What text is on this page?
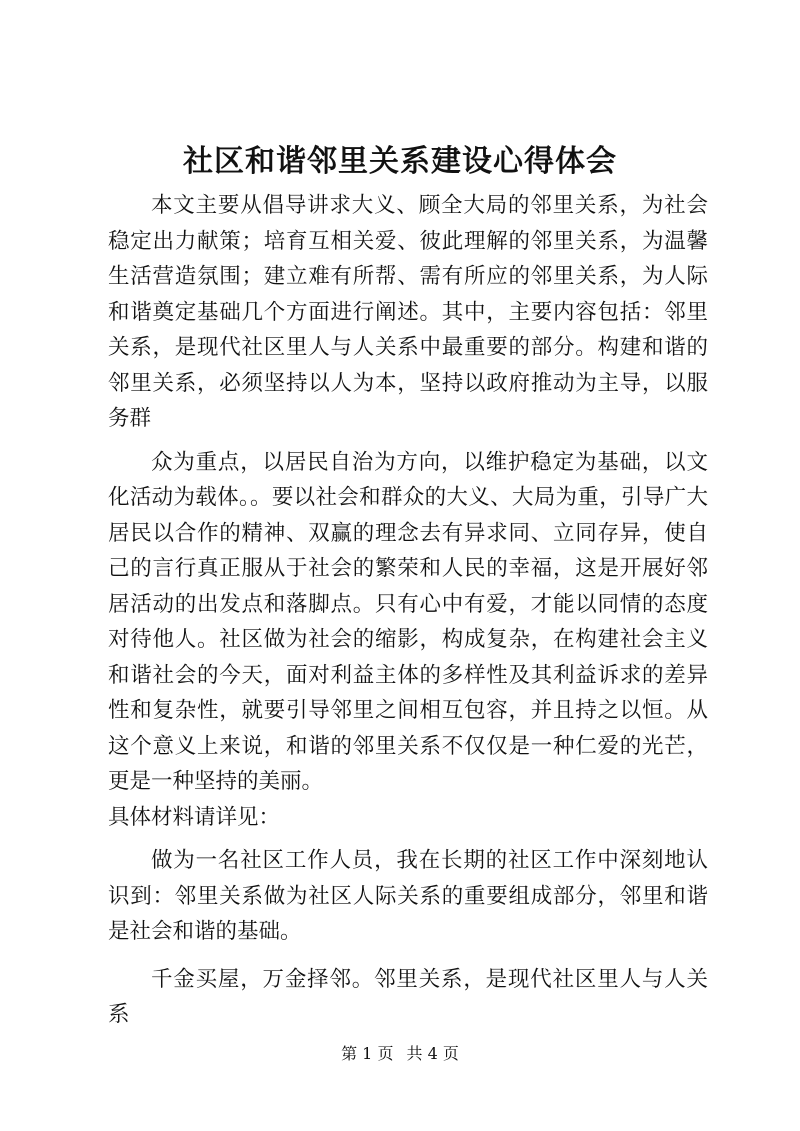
社区和谐邻里关系建设心得体会

本文主要从倡导讲求大义、顾全大局的邻里关系，为社会稳定出力献策；培育互相关爱、彼此理解的邻里关系，为温馨生活营造氛围；建立难有所帮、需有所应的邻里关系，为人际和谐奠定基础几个方面进行阐述。其中，主要内容包括：邻里关系，是现代社区里人与人关系中最重要的部分。构建和谐的邻里关系，必须坚持以人为本，坚持以政府推动为主导，以服务群

众为重点，以居民自治为方向，以维护稳定为基础，以文化活动为载体。。要以社会和群众的大义、大局为重，引导广大居民以合作的精神、双赢的理念去有异求同、立同存异，使自己的言行真正服从于社会的繁荣和人民的幸福，这是开展好邻居活动的出发点和落脚点。只有心中有爱，才能以同情的态度对待他人。社区做为社会的缩影，构成复杂，在构建社会主义和谐社会的今天，面对利益主体的多样性及其利益诉求的差异性和复杂性，就要引导邻里之间相互包容，并且持之以恒。从这个意义上来说，和谐的邻里关系不仅仅是一种仁爱的光芒，更是一种坚持的美丽。

具体材料请详见：

做为一名社区工作人员，我在长期的社区工作中深刻地认识到：邻里关系做为社区人际关系的重要组成部分，邻里和谐是社会和谐的基础。

千金买屋，万金择邻。邻里关系，是现代社区里人与人关系

第 1 页 共 4 页
